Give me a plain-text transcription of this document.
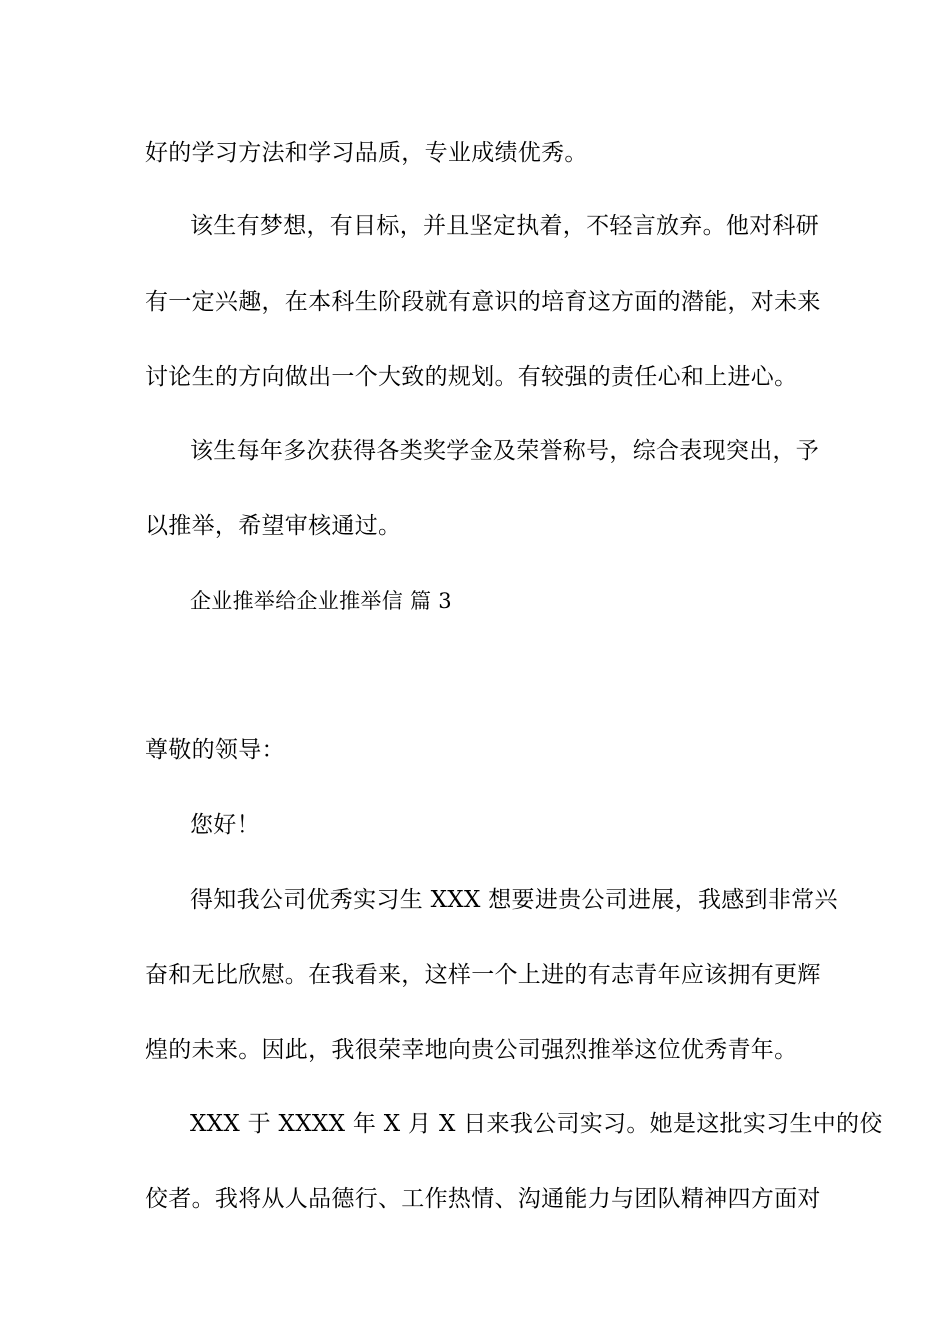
好的学习方法和学习品质，专业成绩优秀。
该生有梦想，有目标，并且坚定执着，不轻言放弃。他对科研
有一定兴趣，在本科生阶段就有意识的培育这方面的潜能，对未来
讨论生的方向做出一个大致的规划。有较强的责任心和上进心。
该生每年多次获得各类奖学金及荣誉称号，综合表现突出，予
以推举，希望审核通过。
企业推举给企业推举信 篇 3
尊敬的领导：
您好！
得知我公司优秀实习生 XXX 想要进贵公司进展，我感到非常兴
奋和无比欣慰。在我看来，这样一个上进的有志青年应该拥有更辉
煌的未来。因此，我很荣幸地向贵公司强烈推举这位优秀青年。
XXX 于 XXXX 年 X 月 X 日来我公司实习。她是这批实习生中的佼
佼者。我将从人品德行、工作热情、沟通能力与团队精神四方面对
